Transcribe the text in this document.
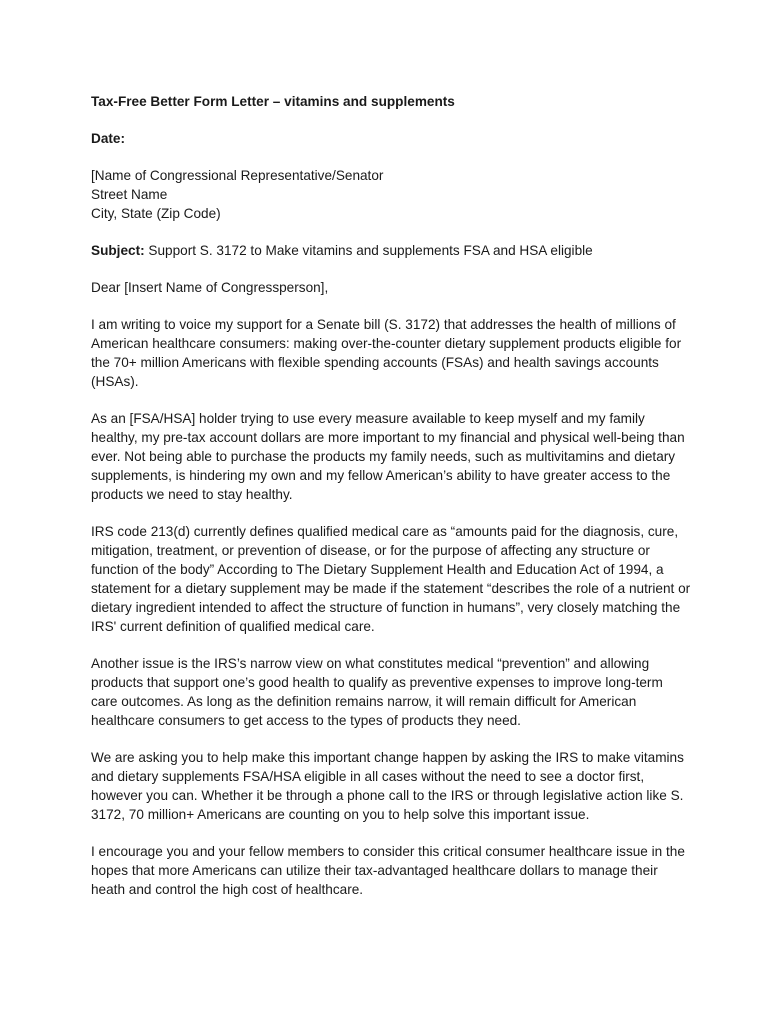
Tax-Free Better Form Letter – vitamins and supplements

Date:

[Name of Congressional Representative/Senator
Street Name
City, State (Zip Code)

Subject: Support S. 3172 to Make vitamins and supplements FSA and HSA eligible

Dear [Insert Name of Congressperson],

I am writing to voice my support for a Senate bill (S. 3172) that addresses the health of millions of American healthcare consumers: making over-the-counter dietary supplement products eligible for the 70+ million Americans with flexible spending accounts (FSAs) and health savings accounts (HSAs).

As an [FSA/HSA] holder trying to use every measure available to keep myself and my family healthy, my pre-tax account dollars are more important to my financial and physical well-being than ever. Not being able to purchase the products my family needs, such as multivitamins and dietary supplements, is hindering my own and my fellow American’s ability to have greater access to the products we need to stay healthy.

IRS code 213(d) currently defines qualified medical care as “amounts paid for the diagnosis, cure, mitigation, treatment, or prevention of disease, or for the purpose of affecting any structure or function of the body” According to The Dietary Supplement Health and Education Act of 1994, a statement for a dietary supplement may be made if the statement “describes the role of a nutrient or dietary ingredient intended to affect the structure of function in humans”, very closely matching the IRS' current definition of qualified medical care.

Another issue is the IRS’s narrow view on what constitutes medical “prevention” and allowing products that support one’s good health to qualify as preventive expenses to improve long-term care outcomes. As long as the definition remains narrow, it will remain difficult for American healthcare consumers to get access to the types of products they need.

We are asking you to help make this important change happen by asking the IRS to make vitamins and dietary supplements FSA/HSA eligible in all cases without the need to see a doctor first, however you can. Whether it be through a phone call to the IRS or through legislative action like S. 3172, 70 million+ Americans are counting on you to help solve this important issue.

I encourage you and your fellow members to consider this critical consumer healthcare issue in the hopes that more Americans can utilize their tax-advantaged healthcare dollars to manage their heath and control the high cost of healthcare.
